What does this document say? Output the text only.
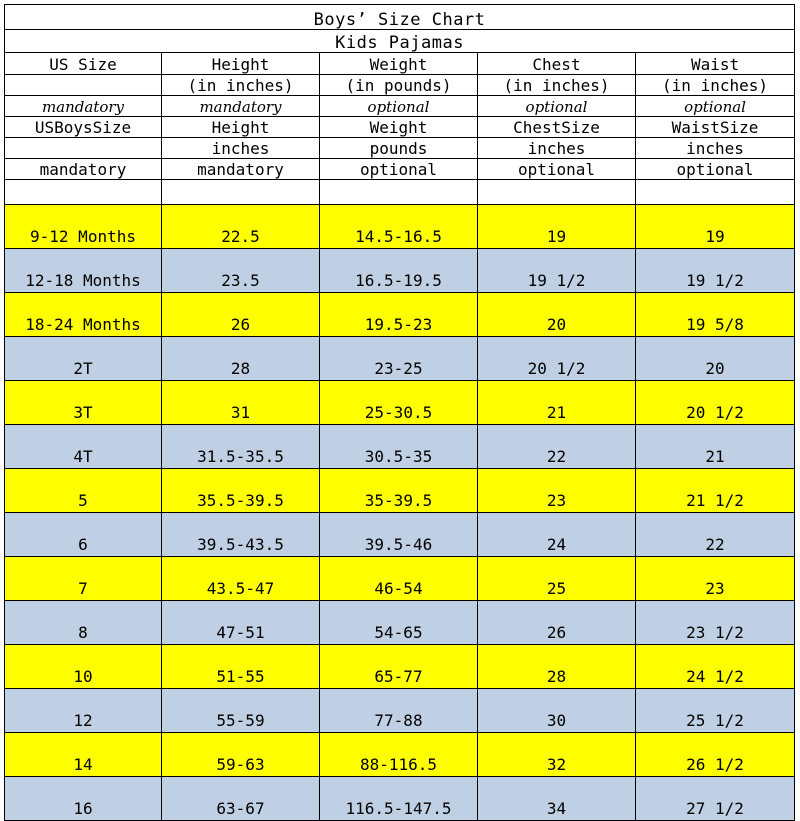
Boys’ Size Chart				
Kids Pajamas				
US Size	Height	Weight	Chest	Waist
	(in inches)	(in pounds)	(in inches)	(in inches)
mandatory	mandatory	optional	optional	optional
USBoysSize	Height	Weight	ChestSize	WaistSize
	inches	pounds	inches	inches
mandatory	mandatory	optional	optional	optional

9-12 Months	22.5	14.5-16.5	19	19
12-18 Months	23.5	16.5-19.5	19 1/2	19 1/2
18-24 Months	26	19.5-23	20	19 5/8
2T	28	23-25	20 1/2	20
3T	31	25-30.5	21	20 1/2
4T	31.5-35.5	30.5-35	22	21
5	35.5-39.5	35-39.5	23	21 1/2
6	39.5-43.5	39.5-46	24	22
7	43.5-47	46-54	25	23
8	47-51	54-65	26	23 1/2
10	51-55	65-77	28	24 1/2
12	55-59	77-88	30	25 1/2
14	59-63	88-116.5	32	26 1/2
16	63-67	116.5-147.5	34	27 1/2
